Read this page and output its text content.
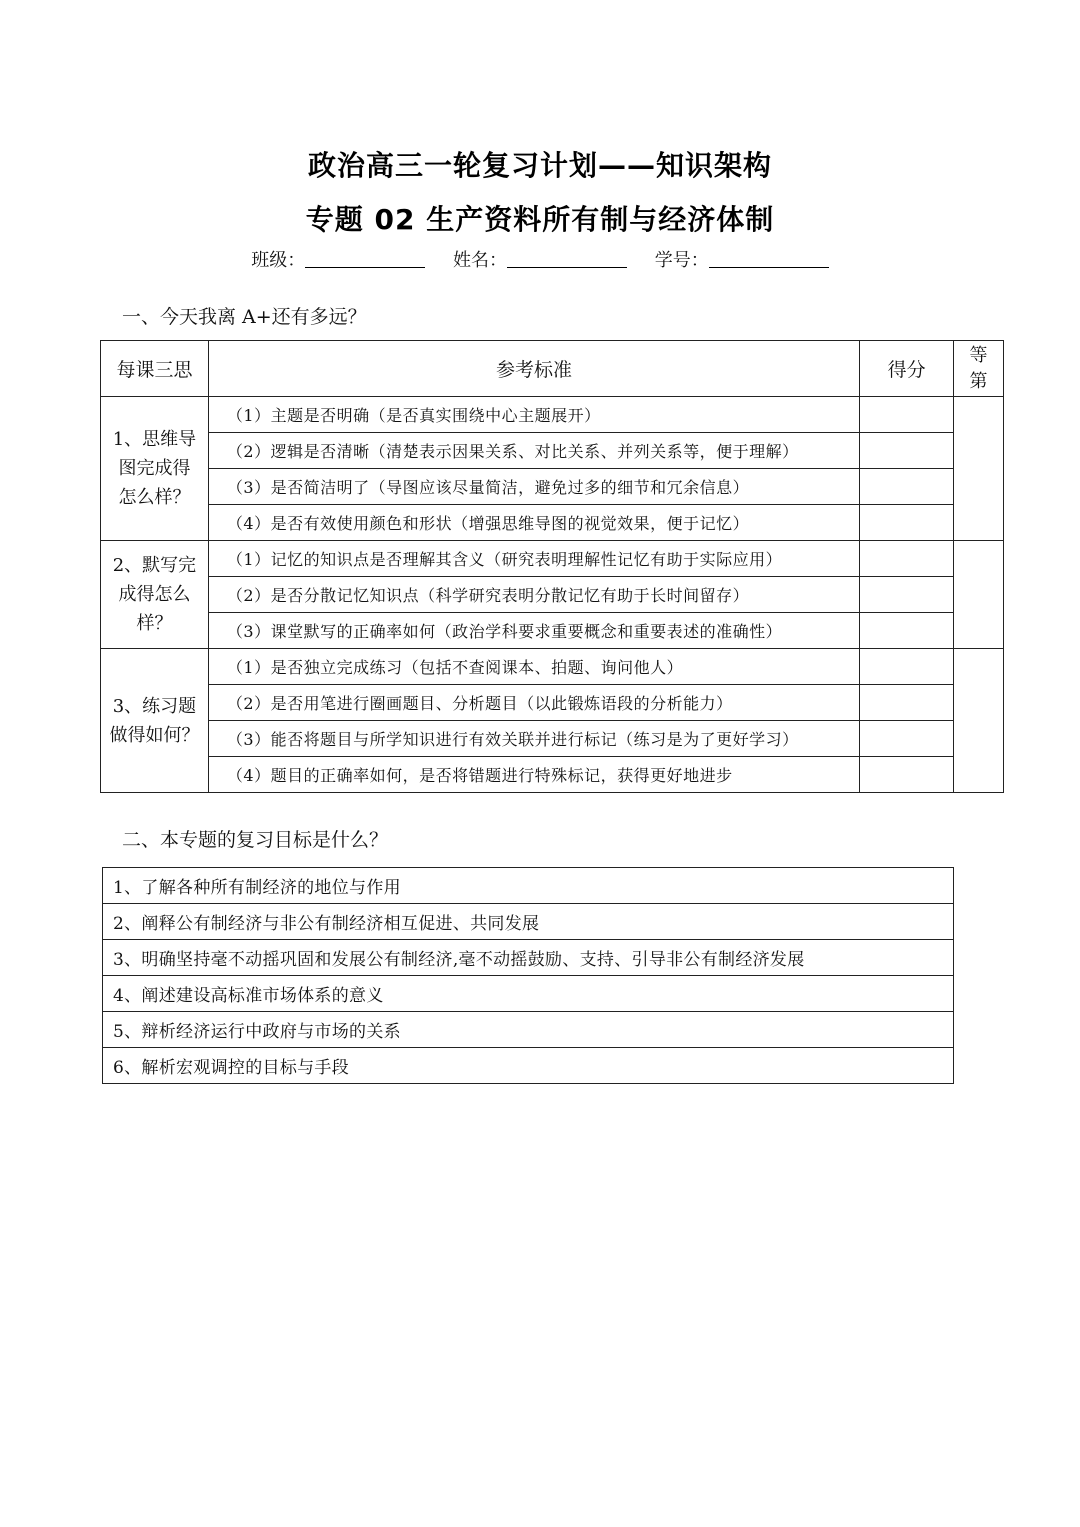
政治高三一轮复习计划——知识架构
专题 02 生产资料所有制与经济体制
班级：	姓名：	学号：
一、今天我离 A+还有多远？
每课三思	参考标准	得分	等
第
1、思维导
图完成得
怎么样？	（1）主题是否明确（是否真实围绕中心主题展开）		
	（2）逻辑是否清晰（清楚表示因果关系、对比关系、并列关系等，便于理解）		
	（3）是否简洁明了（导图应该尽量简洁，避免过多的细节和冗余信息）		
	（4）是否有效使用颜色和形状（增强思维导图的视觉效果，便于记忆）		
2、默写完
成得怎么
样？	（1）记忆的知识点是否理解其含义（研究表明理解性记忆有助于实际应用）		
	（2）是否分散记忆知识点（科学研究表明分散记忆有助于长时间留存）		
	（3）课堂默写的正确率如何（政治学科要求重要概念和重要表述的准确性）		
3、练习题
做得如何？	（1）是否独立完成练习（包括不查阅课本、拍题、询问他人）		
	（2）是否用笔进行圈画题目、分析题目（以此锻炼语段的分析能力）		
	（3）能否将题目与所学知识进行有效关联并进行标记（练习是为了更好学习）		
	（4）题目的正确率如何，是否将错题进行特殊标记，获得更好地进步		
二、本专题的复习目标是什么？
1、了解各种所有制经济的地位与作用
2、阐释公有制经济与非公有制经济相互促进、共同发展
3、明确坚持毫不动摇巩固和发展公有制经济,毫不动摇鼓励、支持、引导非公有制经济发展
4、阐述建设高标准市场体系的意义
5、辩析经济运行中政府与市场的关系
6、解析宏观调控的目标与手段
